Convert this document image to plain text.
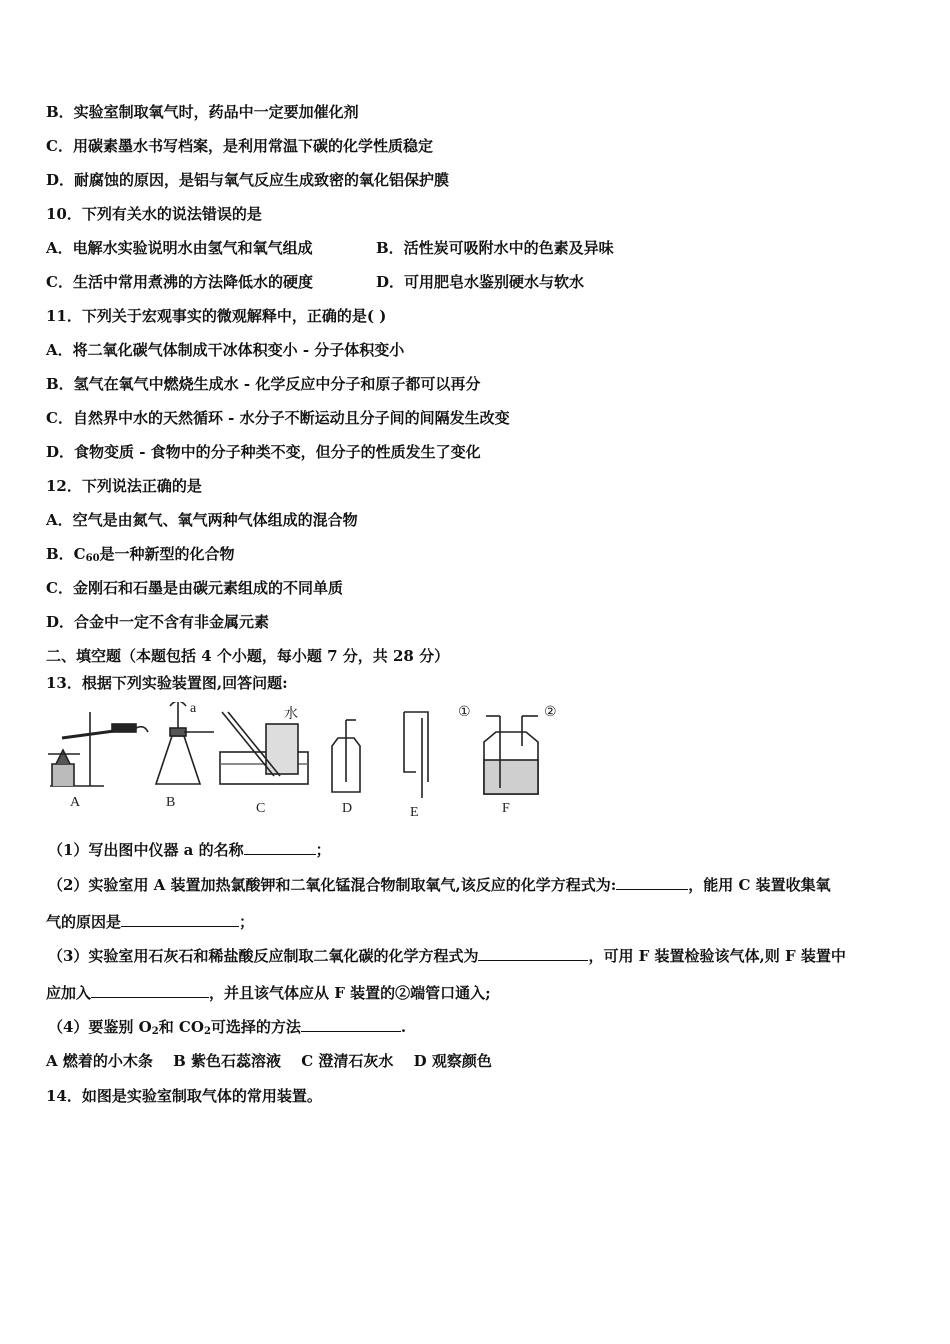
B．实验室制取氧气时，药品中一定要加催化剂
C．用碳素墨水书写档案，是利用常温下碳的化学性质稳定
D．耐腐蚀的原因，是铝与氧气反应生成致密的氧化铝保护膜
10．下列有关水的说法错误的是
A．电解水实验说明水由氢气和氧气组成	B．活性炭可吸附水中的色素及异味
C．生活中常用煮沸的方法降低水的硬度	D．可用肥皂水鉴别硬水与软水
11．下列关于宏观事实的微观解释中，正确的是( )
A．将二氧化碳气体制成干冰体积变小 - 分子体积变小
B．氢气在氧气中燃烧生成水 - 化学反应中分子和原子都可以再分
C．自然界中水的天然循环 - 水分子不断运动且分子间的间隔发生改变
D．食物变质 - 食物中的分子种类不变，但分子的性质发生了变化
12．下列说法正确的是
A．空气是由氮气、氧气两种气体组成的混合物
B．$C_{60}$是一种新型的化合物
C．金刚石和石墨是由碳元素组成的不同单质
D．合金中一定不含有非金属元素
二、填空题（本题包括 4 个小题，每小题 7 分，共 28 分）
13．根据下列实验装置图,回答问题:
A	B	C	D	E	F
a	水	①	②
（1）写出图中仪器 a 的名称	；
（2）实验室用 A 装置加热氯酸钾和二氧化锰混合物制取氧气,该反应的化学方程式为:	，能用 C 装置收集氧
气的原因是	；
（3）实验室用石灰石和稀盐酸反应制取二氧化碳的化学方程式为	，可用 F 装置检验该气体,则 F 装置中
应加入	，并且该气体应从 F 装置的②端管口通入;
（4）要鉴别 $O_2$和 $CO_2$可选择的方法	.
A 燃着的小木条　 B 紫色石蕊溶液　 C 澄清石灰水　 D 观察颜色
14．如图是实验室制取气体的常用装置。
